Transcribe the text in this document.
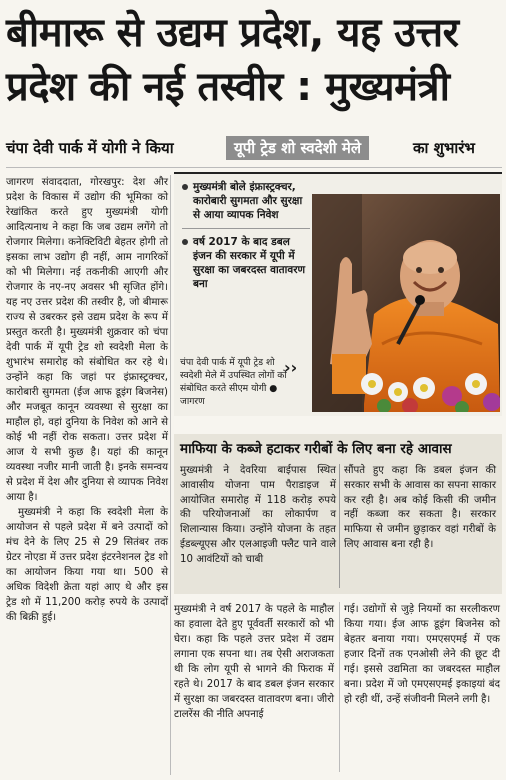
बीमारू से उद्यम प्रदेश, यह उत्तर
प्रदेश की नई तस्वीर : मुख्यमंत्री
चंपा देवी पार्क में योगी ने किया	यूपी ट्रेड शो स्वदेशी मेले	का शुभारंभ

जागरण संवाददाता, गोरखपुर: देश और प्रदेश के विकास में उद्योग की भूमिका को रेखांकित करते हुए मुख्यमंत्री योगी आदित्यनाथ ने कहा कि जब उद्यम लगेंगे तो रोजगार मिलेगा। कनेक्टिविटी बेहतर होगी तो इसका लाभ उद्योग ही नहीं, आम नागरिकों को भी मिलेगा। नई तकनीकी आएगी और रोजगार के नए-नए अवसर भी सृजित होंगे। यह नए उत्तर प्रदेश की तस्वीर है, जो बीमारू राज्य से उबरकर इसे उद्यम प्रदेश के रूप में प्रस्तुत करती है। मुख्यमंत्री शुक्रवार को चंपा देवी पार्क में यूपी ट्रेड शो स्वदेशी मेला के शुभारंभ समारोह को संबोधित कर रहे थे। उन्होंने कहा कि जहां पर इंफ्रास्ट्रक्चर, कारोबारी सुगमता (ईज आफ डूइंग बिजनेस) और मजबूत कानून व्यवस्था से सुरक्षा का माहौल हो, वहां दुनिया के निवेश को आने से कोई भी नहीं रोक सकता। उत्तर प्रदेश में आज ये सभी कुछ है। यहां की कानून व्यवस्था नजीर मानी जाती है। इनके समन्वय से प्रदेश में देश और दुनिया से व्यापक निवेश आया है।

मुख्यमंत्री ने कहा कि स्वदेशी मेला के आयोजन से पहले प्रदेश में बने उत्पादों को मंच देने के लिए 25 से 29 सितंबर तक ग्रेटर नोएडा में उत्तर प्रदेश इंटरनेशनल ट्रेड शो का आयोजन किया गया था। 500 से अधिक विदेशी क्रेता यहां आए थे और इस ट्रेड शो में 11,200 करोड़ रुपये के उत्पादों की बिक्री हुई।

मुख्यमंत्री बोले इंफ्रास्ट्रक्चर, कारोबारी सुगमता और सुरक्षा से आया व्यापक निवेश
वर्ष 2017 के बाद डबल इंजन की सरकार में यूपी में सुरक्षा का जबरदस्त वातावरण बना
चंपा देवी पार्क में यूपी ट्रेड शो स्वदेशी मेले में उपस्थित लोगों को संबोधित करते सीएम योगी ● जागरण
››
माफिया के कब्जे हटाकर गरीबों के लिए बना रहे आवास

मुख्यमंत्री ने देवरिया बाईपास स्थित आवासीय योजना पाम पैराडाइज में आयोजित समारोह में 118 करोड़ रुपये की परियोजनाओं का लोकार्पण व शिलान्यास किया। उन्होंने योजना के तहत ईडब्ल्यूएस और एलआइजी फ्लैट पाने वाले 10 आवंटियों को चाबी

सौंपते हुए कहा कि डबल इंजन की सरकार सभी के आवास का सपना साकार कर रही है। अब कोई किसी की जमीन नहीं कब्जा कर सकता है। सरकार माफिया से जमीन छुड़ाकर वहां गरीबों के लिए आवास बना रही है।

मुख्यमंत्री ने वर्ष 2017 के पहले के माहौल का हवाला देते हुए पूर्ववर्ती सरकारों को भी घेरा। कहा कि पहले उत्तर प्रदेश में उद्यम लगाना एक सपना था। तब ऐसी अराजकता थी कि लोग यूपी से भागने की फिराक में रहते थे। 2017 के बाद डबल इंजन सरकार में सुरक्षा का जबरदस्त वातावरण बना। जीरो टालरेंस की नीति अपनाई

गई। उद्योगों से जुड़े नियमों का सरलीकरण किया गया। ईज आफ डूइंग बिजनेस को बेहतर बनाया गया। एमएसएमई में एक हजार दिनों तक एनओसी लेने की छूट दी गई। इससे उद्यमिता का जबरदस्त माहौल बना। प्रदेश में जो एमएसएमई इकाइयां बंद हो रही थीं, उन्हें संजीवनी मिलने लगी है।
